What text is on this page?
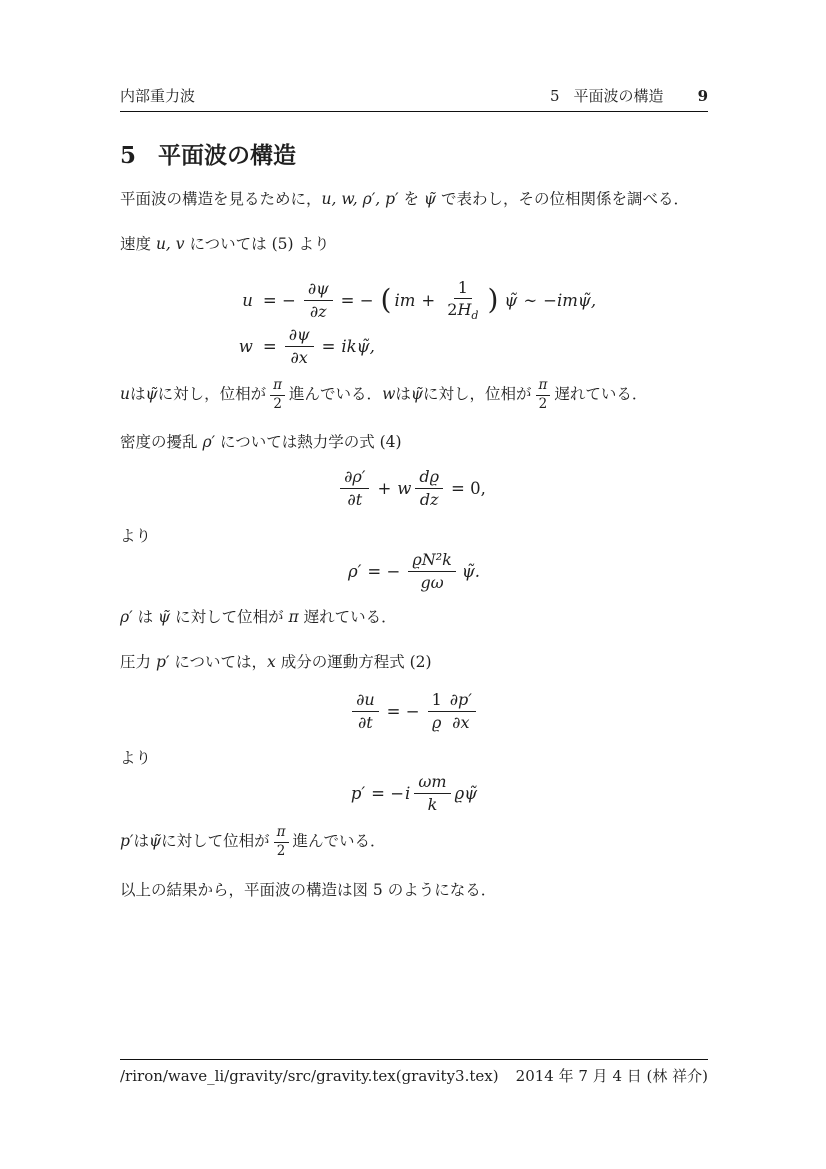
内部重力波	5 平面波の構造 9
5 平面波の構造

平面波の構造を見るために，u, w, ρ′, p′ を ψ̃ で表わし，その位相関係を調べる．

速度 u, v については (5) より

u = − $\frac{\partial\psi}{\partial z}$ = − ( im + $\frac{1}{2H_d}$ ) ψ̃ ∼ −imψ̃,
$w = \frac{\partial\psi}{\partial x}$ = ikψ̃,
u は ψ̃ に対し，位相が $\frac{\pi}{2}$ 進んでいる． w は ψ̃ に対し，位相が $\frac{\pi}{2}$ 遅れている．

密度の擾乱 ρ′ については熱力学の式 (4)

$\frac{\partial\rho'}{\partial t} + w \frac{dϱ}{dz} = 0$,

より

ρ′ = − $\frac{\text{ϱN²k}}{g\omega}$ ψ̃.

ρ′ は ψ̃ に対して位相が π 遅れている．

圧力 p′ については，x 成分の運動方程式 (2)

$\frac{\partial u}{\partial t}$ = − $\frac{1}{ϱ} \frac{\partial p'}{\partial x}$

より

p′ = − i $\frac{\omega m}{k}$ ϱψ̃
p′ は ψ̃ に対して位相が $\frac{\pi}{2}$ 進んでいる．

以上の結果から，平面波の構造は図 5 のようになる．

/riron/wave_li/gravity/src/gravity.tex(gravity3.tex) 2014 年 7 月 4 日 (林 祥介)
